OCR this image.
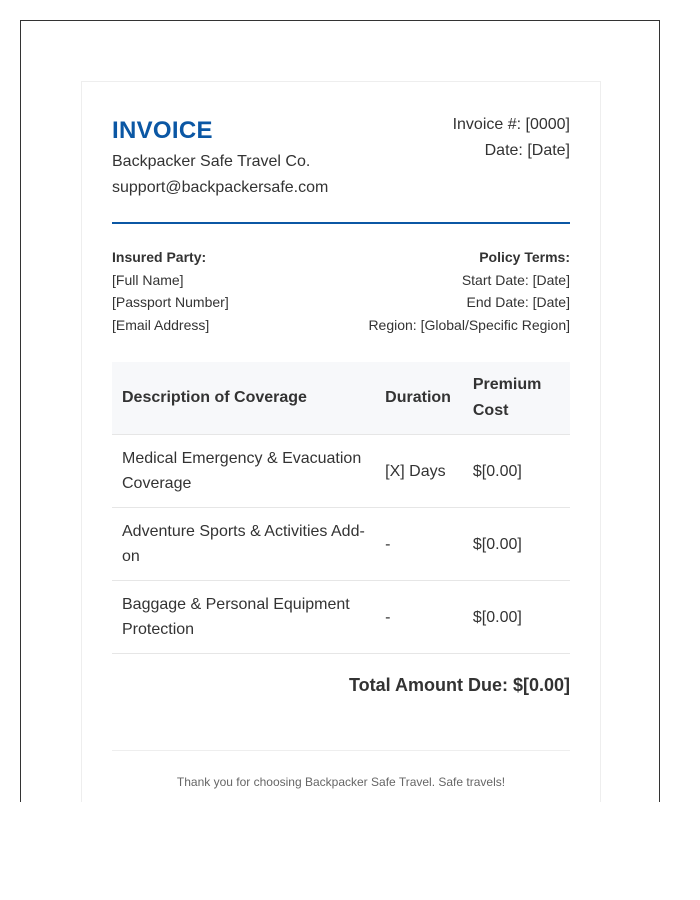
INVOICE
Backpacker Safe Travel Co.
support@backpackersafe.com
Invoice #: [0000]
Date: [Date]
Insured Party:
[Full Name]
[Passport Number]
[Email Address]
Policy Terms:
Start Date: [Date]
End Date: [Date]
Region: [Global/Specific Region]
Description of Coverage	Duration	Premium Cost
Medical Emergency & Evacuation Coverage	[X] Days	$[0.00]
Adventure Sports & Activities Add-on	-	$[0.00]
Baggage & Personal Equipment Protection	-	$[0.00]
Total Amount Due: $[0.00]
Thank you for choosing Backpacker Safe Travel. Safe travels!
